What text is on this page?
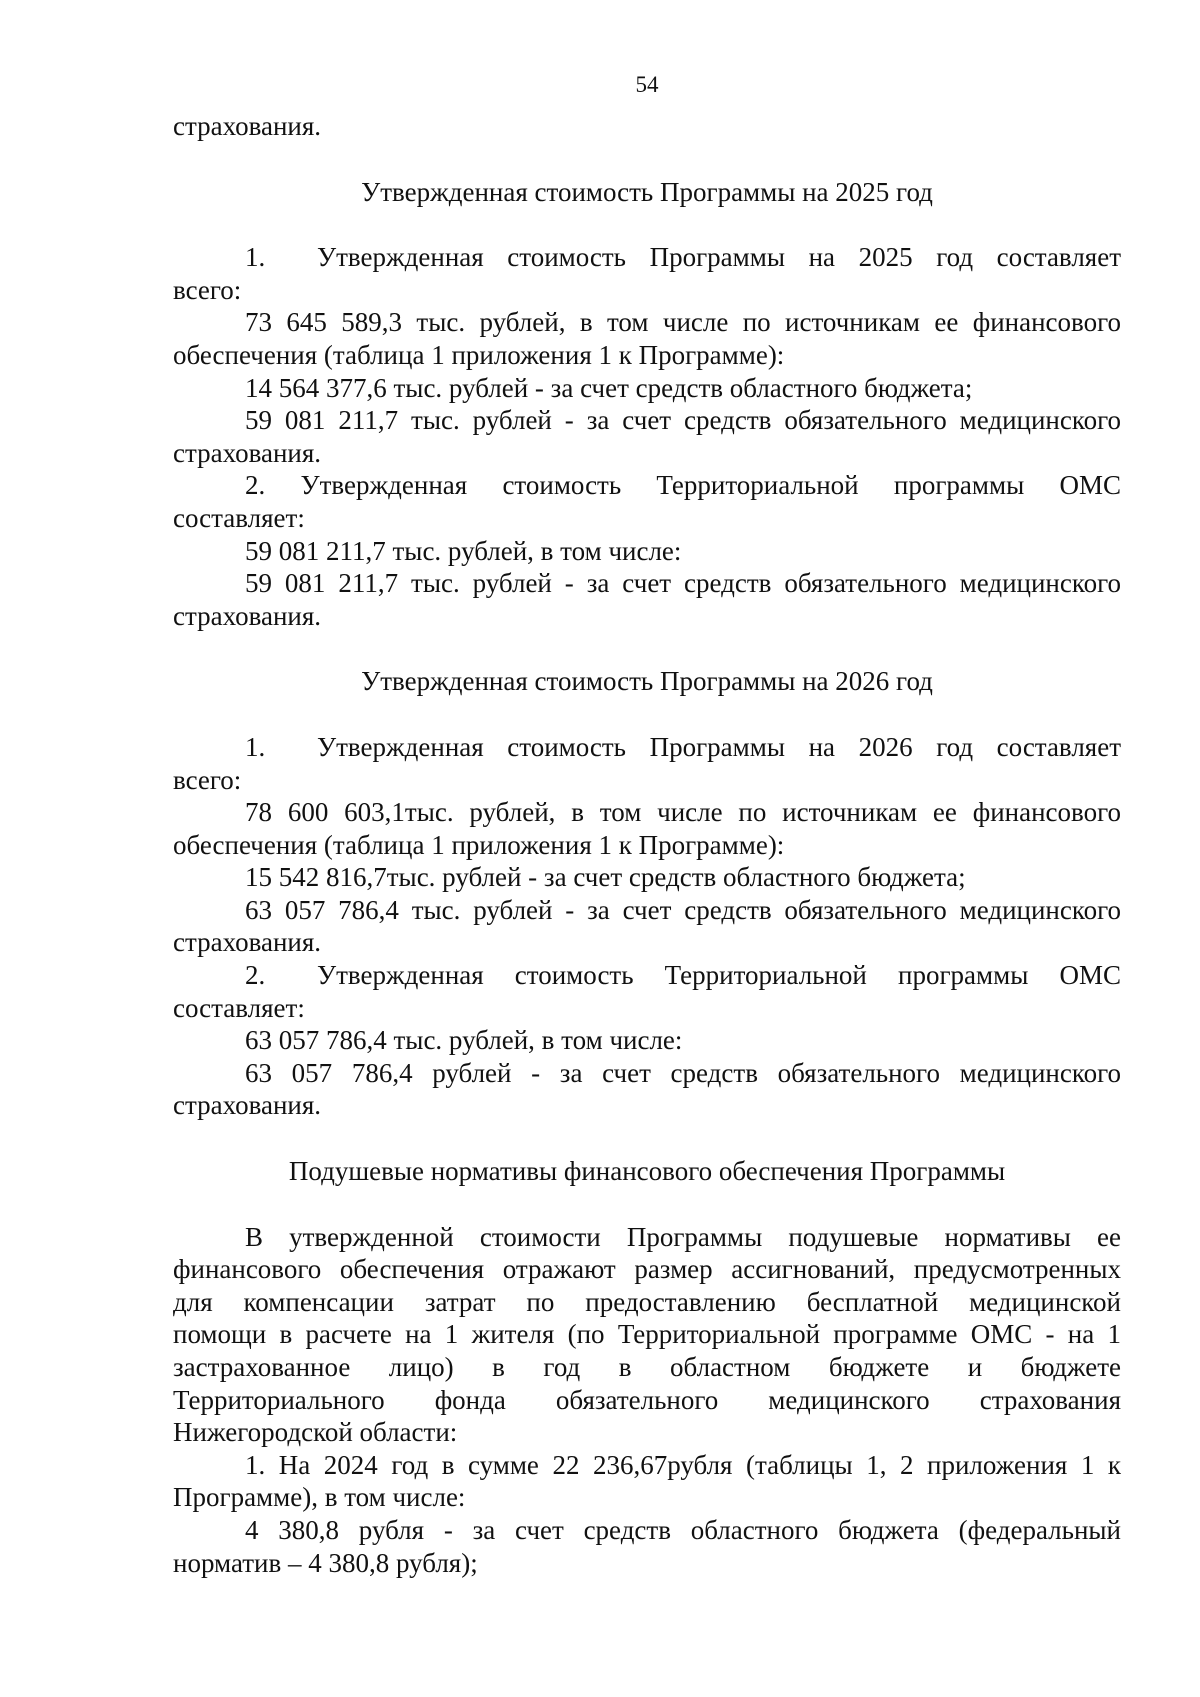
54
страхования.
Утвержденная стоимость Программы на 2025 год
1. Утвержденная стоимость Программы на 2025 год составляет
всего:
73 645 589,3 тыс. рублей, в том числе по источникам ее финансового
обеспечения (таблица 1 приложения 1 к Программе):
14 564 377,6 тыс. рублей - за счет средств областного бюджета;
59 081 211,7 тыс. рублей - за счет средств обязательного медицинского
страхования.
2. Утвержденная стоимость Территориальной программы ОМС
составляет:
59 081 211,7 тыс. рублей, в том числе:
59 081 211,7 тыс. рублей - за счет средств обязательного медицинского
страхования.
Утвержденная стоимость Программы на 2026 год
1. Утвержденная стоимость Программы на 2026 год составляет
всего:
78 600 603,1тыс. рублей, в том числе по источникам ее финансового
обеспечения (таблица 1 приложения 1 к Программе):
15 542 816,7тыс. рублей - за счет средств областного бюджета;
63 057 786,4 тыс. рублей - за счет средств обязательного медицинского
страхования.
2. Утвержденная стоимость Территориальной программы ОМС
составляет:
63 057 786,4 тыс. рублей, в том числе:
63 057 786,4 рублей - за счет средств обязательного медицинского
страхования.
Подушевые нормативы финансового обеспечения Программы
В утвержденной стоимости Программы подушевые нормативы ее
финансового обеспечения отражают размер ассигнований, предусмотренных
для компенсации затрат по предоставлению бесплатной медицинской
помощи в расчете на 1 жителя (по Территориальной программе ОМС - на 1
застрахованное лицо) в год в областном бюджете и бюджете
Территориального фонда обязательного медицинского страхования
Нижегородской области:
1. На 2024 год в сумме 22 236,67рубля (таблицы 1, 2 приложения 1 к
Программе), в том числе:
4 380,8 рубля - за счет средств областного бюджета (федеральный
норматив – 4 380,8 рубля);
